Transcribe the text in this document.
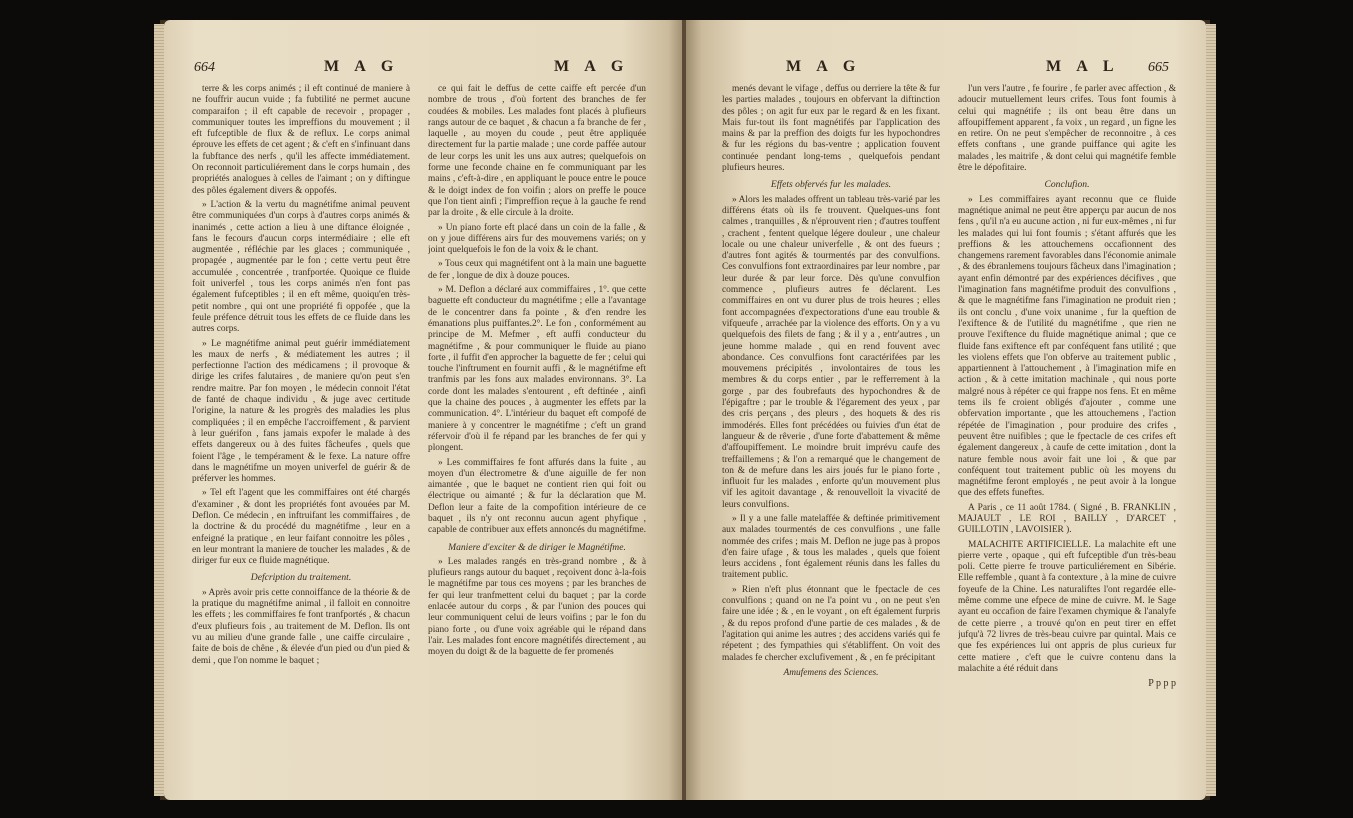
664	M A G	M A G

terre & les corps animés ; il eft continué de maniere à ne fouffrir aucun vuide ; fa fubtilité ne permet aucune comparaifon ; il eft capable de recevoir , propager , communiquer toutes les impreffions du mouvement ; il eft fufceptible de flux & de reflux. Le corps animal éprouve les effets de cet agent ; & c'eft en s'infinuant dans la fubftance des nerfs , qu'il les affecte immédiatement. On reconnoit particuliérement dans le corps humain , des propriétés analogues à celles de l'aimant ; on y diftingue des pôles également divers & oppofés.

» L'action & la vertu du magnétifme animal peuvent être communiquées d'un corps à d'autres corps animés & inanimés , cette action a lieu à une diftance éloignée , fans le fecours d'aucun corps intermédiaire ; elle eft augmentée , réfléchie par les glaces ; communiquée , propagée , augmentée par le fon ; cette vertu peut être accumulée , concentrée , tranfportée. Quoique ce fluide foit univerfel , tous les corps animés n'en font pas également fufceptibles ; il en eft même, quoiqu'en très-petit nombre , qui ont une propriété fi oppofée , que la feule préfence détruit tous les effets de ce fluide dans les autres corps.

» Le magnétifme animal peut guérir immédiatement les maux de nerfs , & médiatement les autres ; il perfectionne l'action des médicamens ; il provoque & dirige les crifes falutaires , de maniere qu'on peut s'en rendre maitre. Par fon moyen , le médecin connoit l'état de fanté de chaque individu , & juge avec certitude l'origine, la nature & les progrès des maladies les plus compliquées ; il en empêche l'accroiffement , & parvient à leur guérifon , fans jamais expofer le malade à des effets dangereux ou à des fuites fâcheufes , quels que foient l'âge , le tempérament & le fexe. La nature offre dans le magnétifme un moyen univerfel de guérir & de préferver les hommes.

» Tel eft l'agent que les commiffaires ont été chargés d'examiner , & dont les propriétés font avouées par M. Deflon. Ce médecin , en inftruifant les commiffaires , de la doctrine & du procédé du magnétifme , leur en a enfeigné la pratique , en leur faifant connoitre les pôles , en leur montrant la maniere de toucher les malades , & de diriger fur eux ce fluide magnétique.

Defcription du traitement.

» Après avoir pris cette connoiffance de la théorie & de la pratique du magnétifme animal , il falloit en connoitre les effets ; les commiffaires fe font tranfportés , & chacun d'eux plufieurs fois , au traitement de M. Deflon. Ils ont vu au milieu d'une grande falle , une caiffe circulaire , faite de bois de chêne , & élevée d'un pied ou d'un pied & demi , que l'on nomme le baquet ;

ce qui fait le deffus de cette caiffe eft percée d'un nombre de trous , d'où fortent des branches de fer coudées & mobiles. Les malades font placés à plufieurs rangs autour de ce baquet , & chacun a fa branche de fer , laquelle , au moyen du coude , peut être appliquée directement fur la partie malade ; une corde paffée autour de leur corps les unit les uns aux autres; quelquefois on forme une feconde chaine en fe communiquant par les mains , c'eft-à-dire , en appliquant le pouce entre le pouce & le doigt index de fon voifin ; alors on preffe le pouce que l'on tient ainfi ; l'impreffion reçue à la gauche fe rend par la droite , & elle circule à la droite.

» Un piano forte eft placé dans un coin de la falle , & on y joue différens airs fur des mouvemens variés; on y joint quelquefois le fon de la voix & le chant.

» Tous ceux qui magnétifent ont à la main une baguette de fer , longue de dix à douze pouces.

» M. Deflon a déclaré aux commiffaires , 1°. que cette baguette eft conducteur du magnétifme ; elle a l'avantage de le concentrer dans fa pointe , & d'en rendre les émanations plus puiffantes.2°. Le fon , conformément au principe de M. Mefmer , eft auffi conducteur du magnétifme , & pour communiquer le fluide au piano forte , il fuffit d'en approcher la baguette de fer ; celui qui touche l'inftrument en fournit auffi , & le magnétifme eft tranfmis par les fons aux malades environnans. 3°. La corde dont les malades s'entourent , eft deftinée , ainfi que la chaine des pouces , à augmenter les effets par la communication. 4°. L'intérieur du baquet eft compofé de maniere à y concentrer le magnétifme ; c'eft un grand réfervoir d'où il fe répand par les branches de fer qui y plongent.

» Les commiffaires fe font affurés dans la fuite , au moyen d'un électrometre & d'une aiguille de fer non aimantée , que le baquet ne contient rien qui foit ou électrique ou aimanté ; & fur la déclaration que M. Deflon leur a faite de la compofition intérieure de ce baquet , ils n'y ont reconnu aucun agent phyfique , capable de contribuer aux effets annoncés du magnétifme.

Maniere d'exciter & de diriger le Magnétifme.

» Les malades rangés en très-grand nombre , & à plufieurs rangs autour du baquet , reçoivent donc à-la-fois le magnétifme par tous ces moyens ; par les branches de fer qui leur tranfmettent celui du baquet ; par la corde enlacée autour du corps , & par l'union des pouces qui leur communiquent celui de leurs voifins ; par le fon du piano forte , ou d'une voix agréable qui le répand dans l'air. Les malades font encore magnétifés directement , au moyen du doigt & de la baguette de fer promenés

M A G	M A L 665

menés devant le vifage , deffus ou derriere la tête & fur les parties malades , toujours en obfervant la diftinction des pôles ; on agit fur eux par le regard & en les fixant. Mais fur-tout ils font magnétifés par l'application des mains & par la preffion des doigts fur les hypochondres & fur les régions du bas-ventre ; application fouvent continuée pendant long-tems , quelquefois pendant plufieurs heures.

Effets obfervés fur les malades.

» Alors les malades offrent un tableau très-varié par les différens états où ils fe trouvent. Quelques-uns font calmes , tranquilles , & n'éprouvent rien ; d'autres touffent , crachent , fentent quelque légere douleur , une chaleur locale ou une chaleur univerfelle , & ont des fueurs ; d'autres font agités & tourmentés par des convulfions. Ces convulfions font extraordinaires par leur nombre , par leur durée & par leur force. Dès qu'une convulfion commence , plufieurs autres fe déclarent. Les commiffaires en ont vu durer plus de trois heures ; elles font accompagnées d'expectorations d'une eau trouble & vifqueufe , arrachée par la violence des efforts. On y a vu quelquefois des filets de fang ; & il y a , entr'autres , un jeune homme malade , qui en rend fouvent avec abondance. Ces convulfions font caractérifées par les mouvemens précipités , involontaires de tous les membres & du corps entier , par le refferrement à la gorge , par des foubrefauts des hypochondres & de l'épigaftre ; par le trouble & l'égarement des yeux , par des cris perçans , des pleurs , des hoquets & des ris immodérés. Elles font précédées ou fuivies d'un état de langueur & de rêverie , d'une forte d'abattement & même d'affoupiffement. Le moindre bruit imprévu caufe des treffaillemens ; & l'on a remarqué que le changement de ton & de mefure dans les airs joués fur le piano forte , influoit fur les malades , enforte qu'un mouvement plus vif les agitoit davantage , & renouvelloit la vivacité de leurs convulfions.

» Il y a une falle matelaffée & deftinée primitivement aux malades tourmentés de ces convulfions , une falle nommée des crifes ; mais M. Deflon ne juge pas à propos d'en faire ufage , & tous les malades , quels que foient leurs accidens , font également réunis dans les falles du traitement public.

» Rien n'eft plus étonnant que le fpectacle de ces convulfions ; quand on ne l'a point vu , on ne peut s'en faire une idée ; & , en le voyant , on eft également furpris , & du repos profond d'une partie de ces malades , & de l'agitation qui anime les autres ; des accidens variés qui fe répetent ; des fympathies qui s'établiffent. On voit des malades fe chercher exclufivement , & , en fe précipitant

Amufemens des Sciences.

l'un vers l'autre , fe fourire , fe parler avec affection , & adoucir mutuellement leurs crifes. Tous font foumis à celui qui magnétife ; ils ont beau être dans un affoupiffement apparent , fa voix , un regard , un figne les en retire. On ne peut s'empêcher de reconnoitre , à ces effets conftans , une grande puiffance qui agite les malades , les maitrife , & dont celui qui magnétife femble être le dépofitaire.

Conclufion.

» Les commiffaires ayant reconnu que ce fluide magnétique animal ne peut être apperçu par aucun de nos fens , qu'il n'a eu aucune action , ni fur eux-mêmes , ni fur les malades qui lui font foumis ; s'étant affurés que les preffions & les attouchemens occafionnent des changemens rarement favorables dans l'économie animale , & des ébranlemens toujours fâcheux dans l'imagination ; ayant enfin démontré par des expériences décifives , que l'imagination fans magnétifme produit des convulfions , & que le magnétifme fans l'imagination ne produit rien ; ils ont conclu , d'une voix unanime , fur la queftion de l'exiftence & de l'utilité du magnétifme , que rien ne prouve l'exiftence du fluide magnétique animal ; que ce fluide fans exiftence eft par conféquent fans utilité ; que les violens effets que l'on obferve au traitement public , appartiennent à l'attouchement , à l'imagination mife en action , & à cette imitation machinale , qui nous porte malgré nous à répéter ce qui frappe nos fens. Et en même tems ils fe croient obligés d'ajouter , comme une obfervation importante , que les attouchemens , l'action répétée de l'imagination , pour produire des crifes , peuvent être nuifibles ; que le fpectacle de ces crifes eft également dangereux , à caufe de cette imitation , dont la nature femble nous avoir fait une loi , & que par conféquent tout traitement public où les moyens du magnétifme feront employés , ne peut avoir à la longue que des effets funeftes.

A Paris , ce 11 août 1784. ( Signé , B. FRANKLIN , MAJAULT , LE ROI , BAILLY , D'ARCET , GUILLOTIN , LAVOISIER ).

MALACHITE ARTIFICIELLE. La malachite eft une pierre verte , opaque , qui eft fufceptible d'un très-beau poli. Cette pierre fe trouve particuliérement en Sibérie. Elle reffemble , quant à fa contexture , à la mine de cuivre foyeufe de la Chine. Les naturaliftes l'ont regardée elle-même comme une efpece de mine de cuivre. M. le Sage ayant eu occafion de faire l'examen chymique & l'analyfe de cette pierre , a trouvé qu'on en peut tirer en effet jufqu'à 72 livres de très-beau cuivre par quintal. Mais ce que fes expériences lui ont appris de plus curieux fur cette matiere , c'eft que le cuivre contenu dans la malachite a été réduit dans

P p p p
